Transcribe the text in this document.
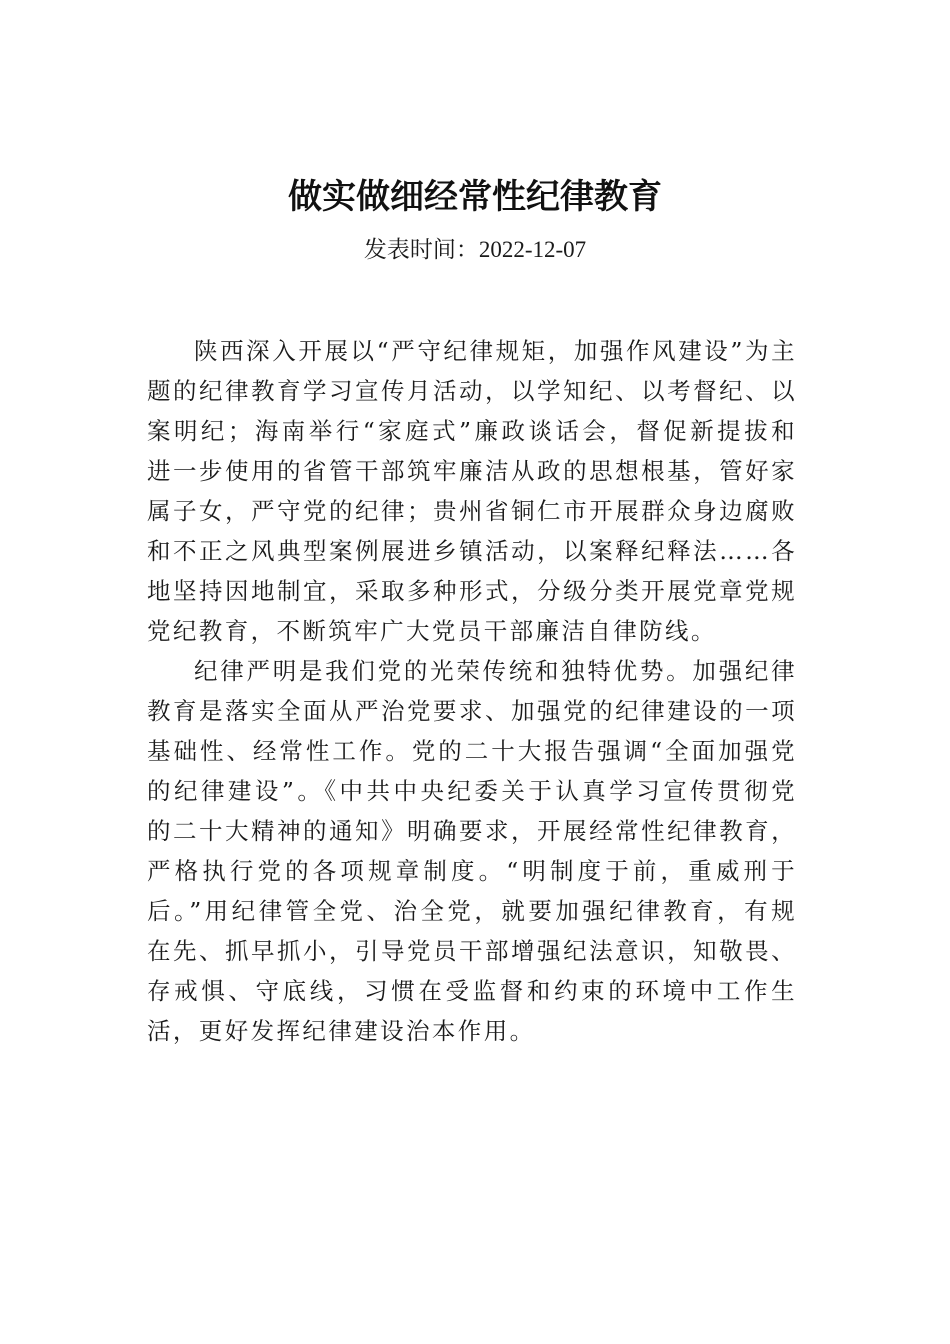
做实做细经常性纪律教育
发表时间：2022-12-07

陕西深入开展以“严守纪律规矩，加强作风建设”为主题的纪律教育学习宣传月活动，以学知纪、以考督纪、以案明纪；海南举行“家庭式”廉政谈话会，督促新提拔和进一步使用的省管干部筑牢廉洁从政的思想根基，管好家属子女，严守党的纪律；贵州省铜仁市开展群众身边腐败和不正之风典型案例展进乡镇活动，以案释纪释法……各地坚持因地制宜，采取多种形式，分级分类开展党章党规党纪教育，不断筑牢广大党员干部廉洁自律防线。

纪律严明是我们党的光荣传统和独特优势。加强纪律教育是落实全面从严治党要求、加强党的纪律建设的一项基础性、经常性工作。党的二十大报告强调“全面加强党的纪律建设”。《中共中央纪委关于认真学习宣传贯彻党的二十大精神的通知》明确要求，开展经常性纪律教育，严格执行党的各项规章制度。“明制度于前，重威刑于后。”用纪律管全党、治全党，就要加强纪律教育，有规在先、抓早抓小，引导党员干部增强纪法意识，知敬畏、存戒惧、守底线，习惯在受监督和约束的环境中工作生活，更好发挥纪律建设治本作用。
